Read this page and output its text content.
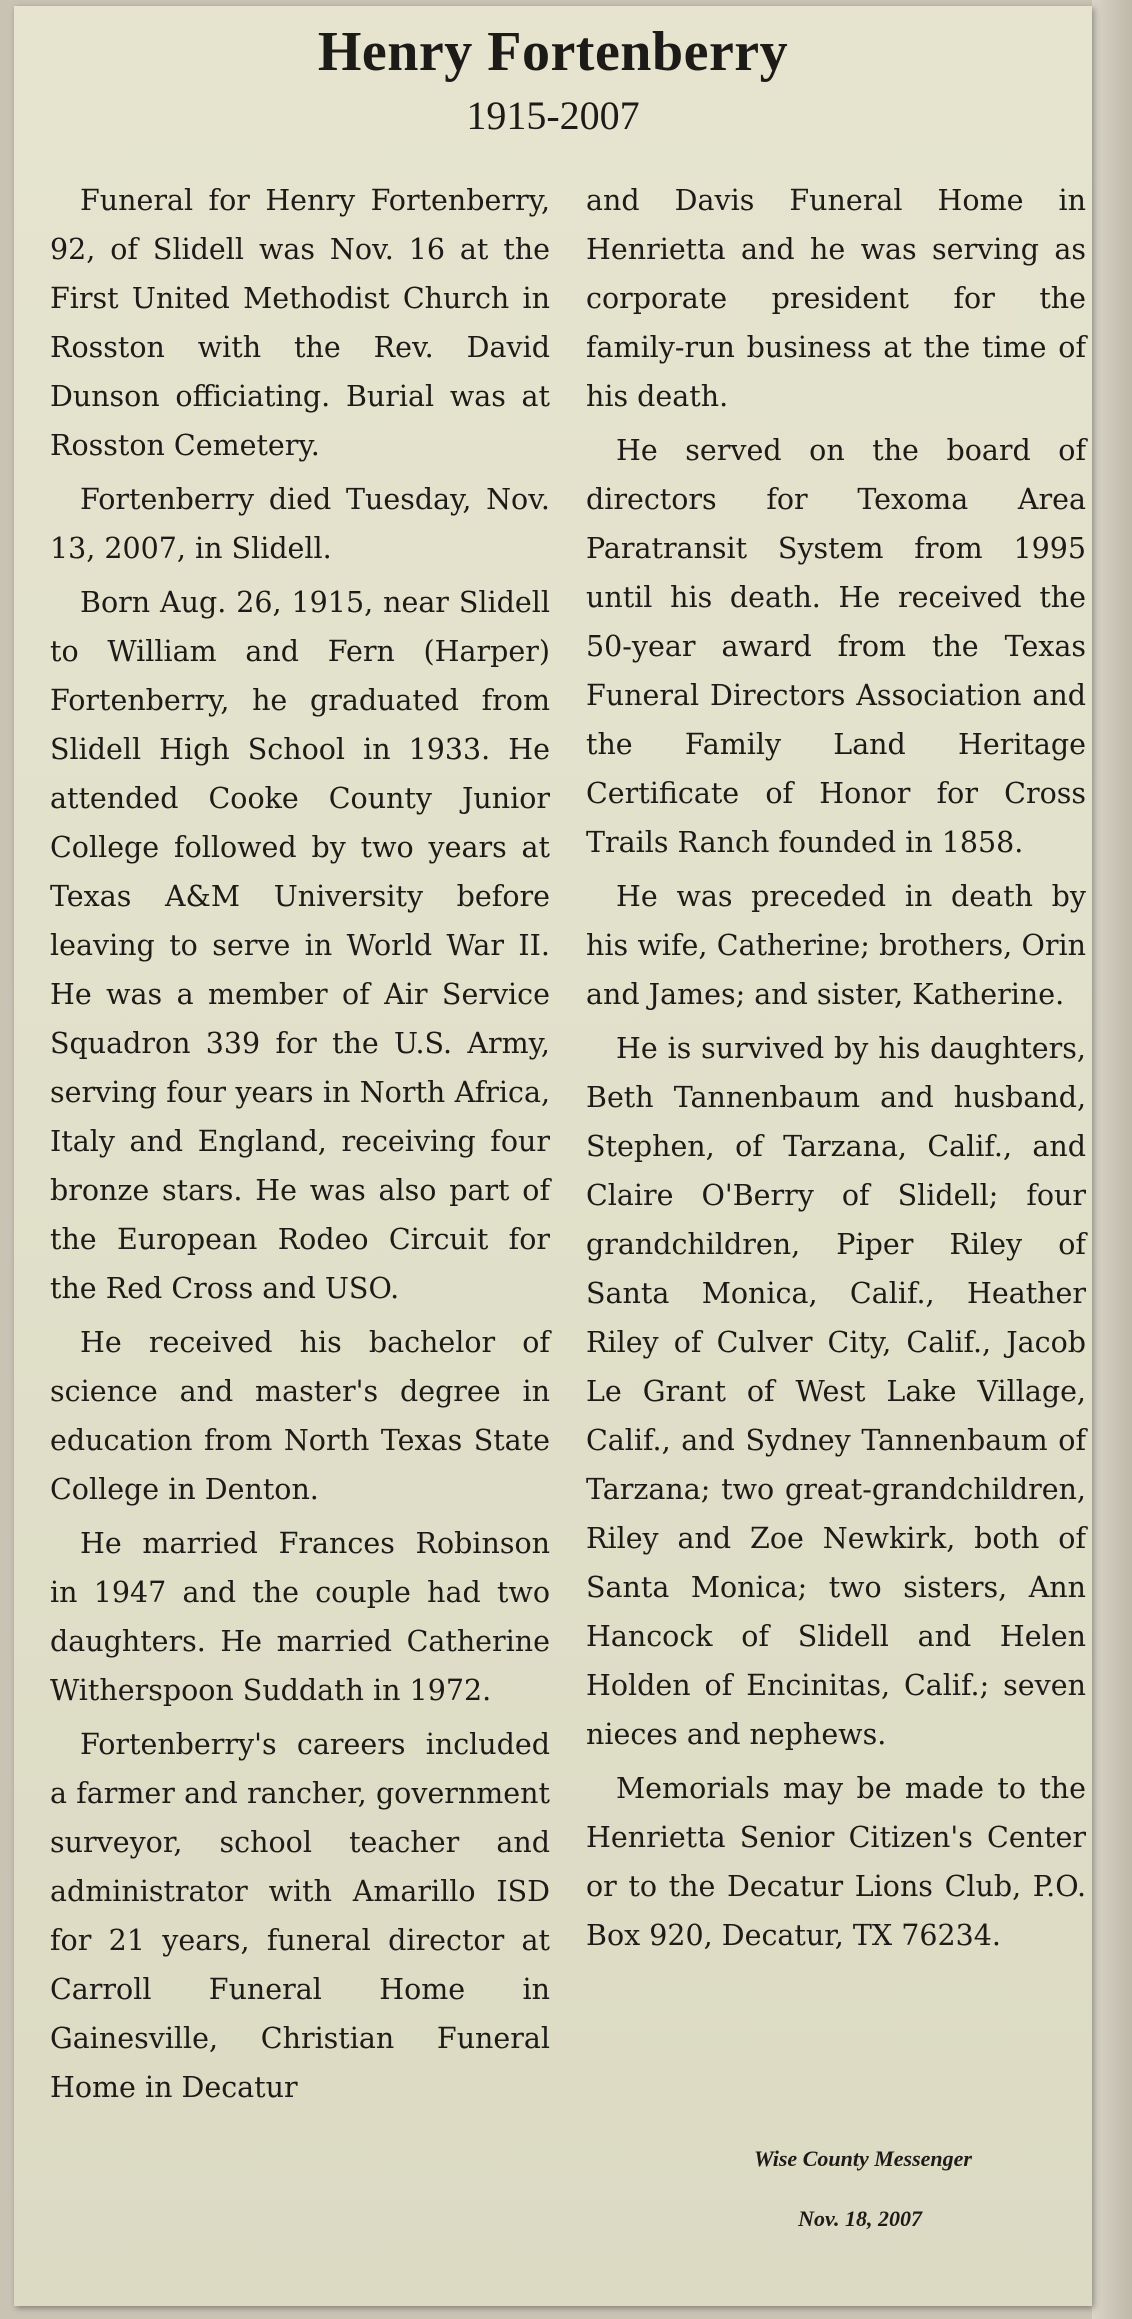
Henry Fortenberry
1915-2007

Funeral for Henry Fortenberry, 92, of Slidell was Nov. 16 at the First United Methodist Church in Rosston with the Rev. David Dunson officiating. Burial was at Rosston Cemetery.

Fortenberry died Tuesday, Nov. 13, 2007, in Slidell.

Born Aug. 26, 1915, near Slidell to William and Fern (Harper) Fortenberry, he graduated from Slidell High School in 1933. He attended Cooke County Junior College followed by two years at Texas A&M University before leaving to serve in World War II. He was a member of Air Service Squadron 339 for the U.S. Army, serving four years in North Africa, Italy and England, receiving four bronze stars. He was also part of the European Rodeo Circuit for the Red Cross and USO.

He received his bachelor of science and master's degree in education from North Texas State College in Denton.

He married Frances Robinson in 1947 and the couple had two daughters. He married Catherine Witherspoon Suddath in 1972.

Fortenberry's careers included a farmer and rancher, government surveyor, school teacher and administrator with Amarillo ISD for 21 years, funeral director at Carroll Funeral Home in Gainesville, Christian Funeral Home in Decatur

and Davis Funeral Home in Henrietta and he was serving as corporate president for the family-run business at the time of his death.

He served on the board of directors for Texoma Area Paratransit System from 1995 until his death. He received the 50-year award from the Texas Funeral Directors Association and the Family Land Heritage Certificate of Honor for Cross Trails Ranch founded in 1858.

He was preceded in death by his wife, Catherine; brothers, Orin and James; and sister, Katherine.

He is survived by his daughters, Beth Tannenbaum and husband, Stephen, of Tarzana, Calif., and Claire O'Berry of Slidell; four grandchildren, Piper Riley of Santa Monica, Calif., Heather Riley of Culver City, Calif., Jacob Le Grant of West Lake Village, Calif., and Sydney Tannenbaum of Tarzana; two great-grandchildren, Riley and Zoe Newkirk, both of Santa Monica; two sisters, Ann Hancock of Slidell and Helen Holden of Encinitas, Calif.; seven nieces and nephews.

Memorials may be made to the Henrietta Senior Citizen's Center or to the Decatur Lions Club, P.O. Box 920, Decatur, TX 76234.

Wise County Messenger
Nov. 18, 2007
